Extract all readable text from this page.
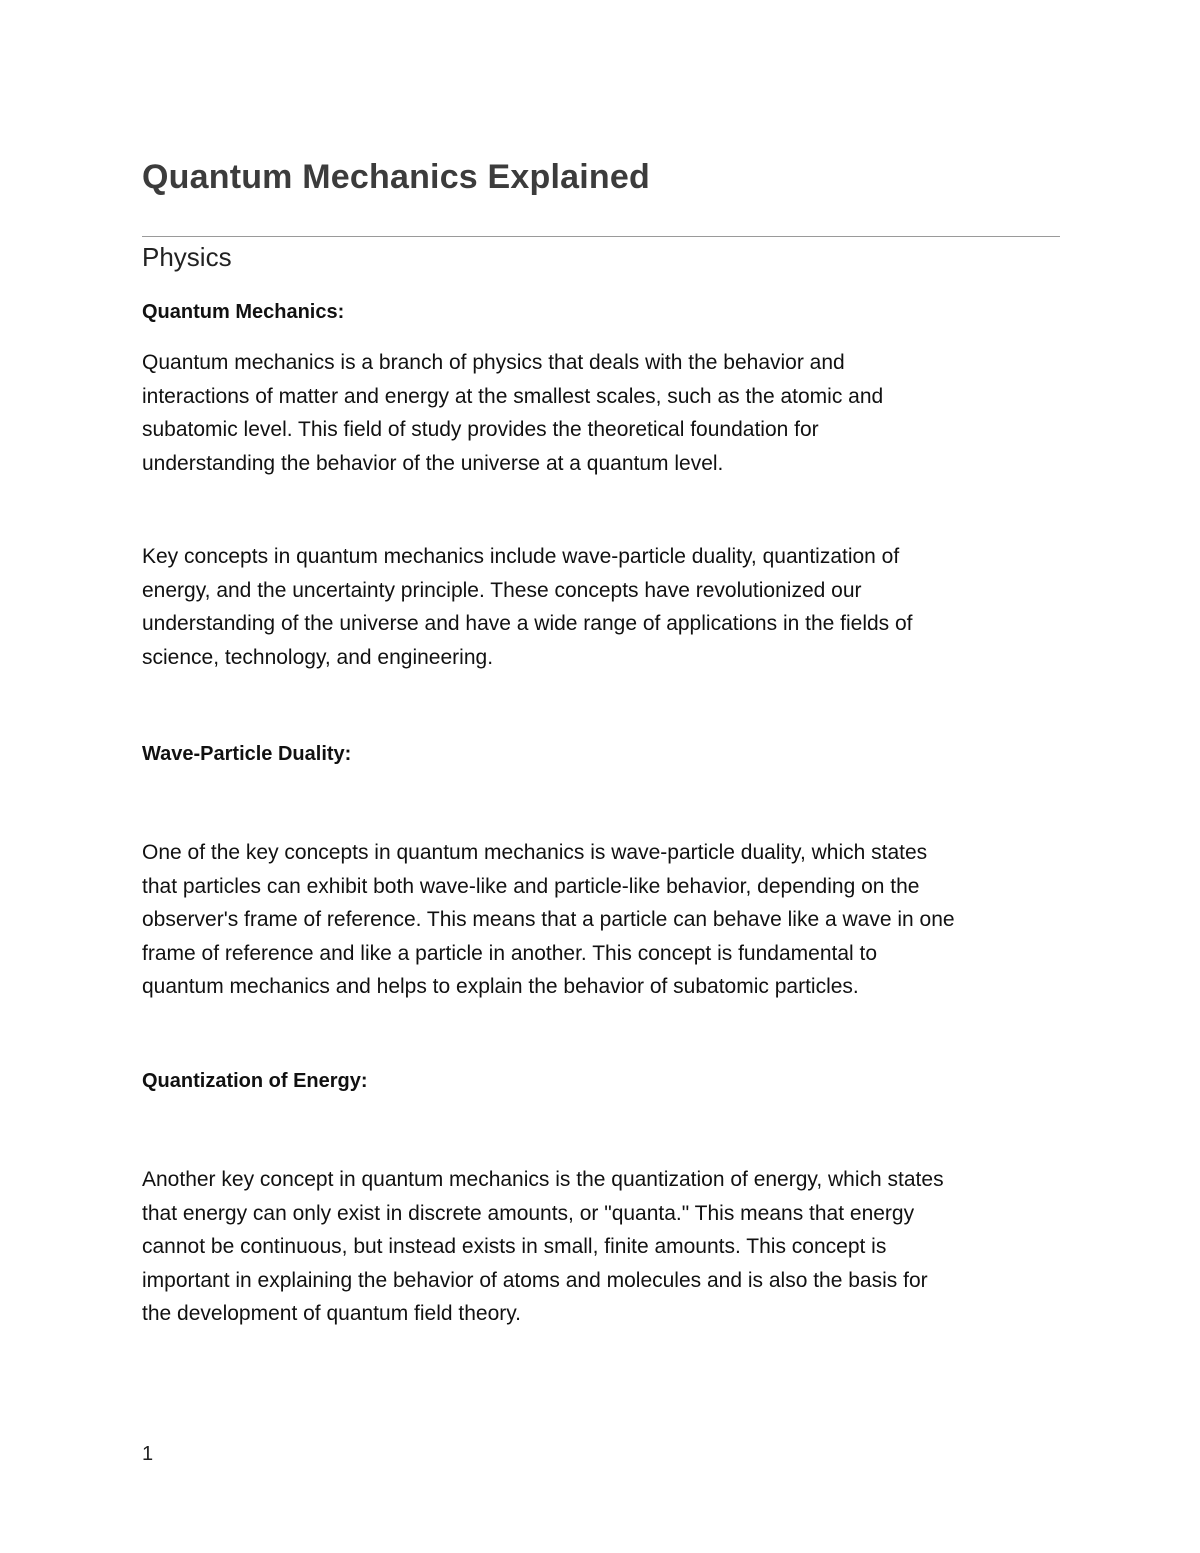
Quantum Mechanics Explained
Physics
Quantum Mechanics:

Quantum mechanics is a branch of physics that deals with the behavior and
interactions of matter and energy at the smallest scales, such as the atomic and
subatomic level. This field of study provides the theoretical foundation for
understanding the behavior of the universe at a quantum level.

Key concepts in quantum mechanics include wave-particle duality, quantization of
energy, and the uncertainty principle. These concepts have revolutionized our
understanding of the universe and have a wide range of applications in the fields of
science, technology, and engineering.

Wave-Particle Duality:

One of the key concepts in quantum mechanics is wave-particle duality, which states
that particles can exhibit both wave-like and particle-like behavior, depending on the
observer's frame of reference. This means that a particle can behave like a wave in one
frame of reference and like a particle in another. This concept is fundamental to
quantum mechanics and helps to explain the behavior of subatomic particles.

Quantization of Energy:

Another key concept in quantum mechanics is the quantization of energy, which states
that energy can only exist in discrete amounts, or "quanta." This means that energy
cannot be continuous, but instead exists in small, finite amounts. This concept is
important in explaining the behavior of atoms and molecules and is also the basis for
the development of quantum field theory.

1
